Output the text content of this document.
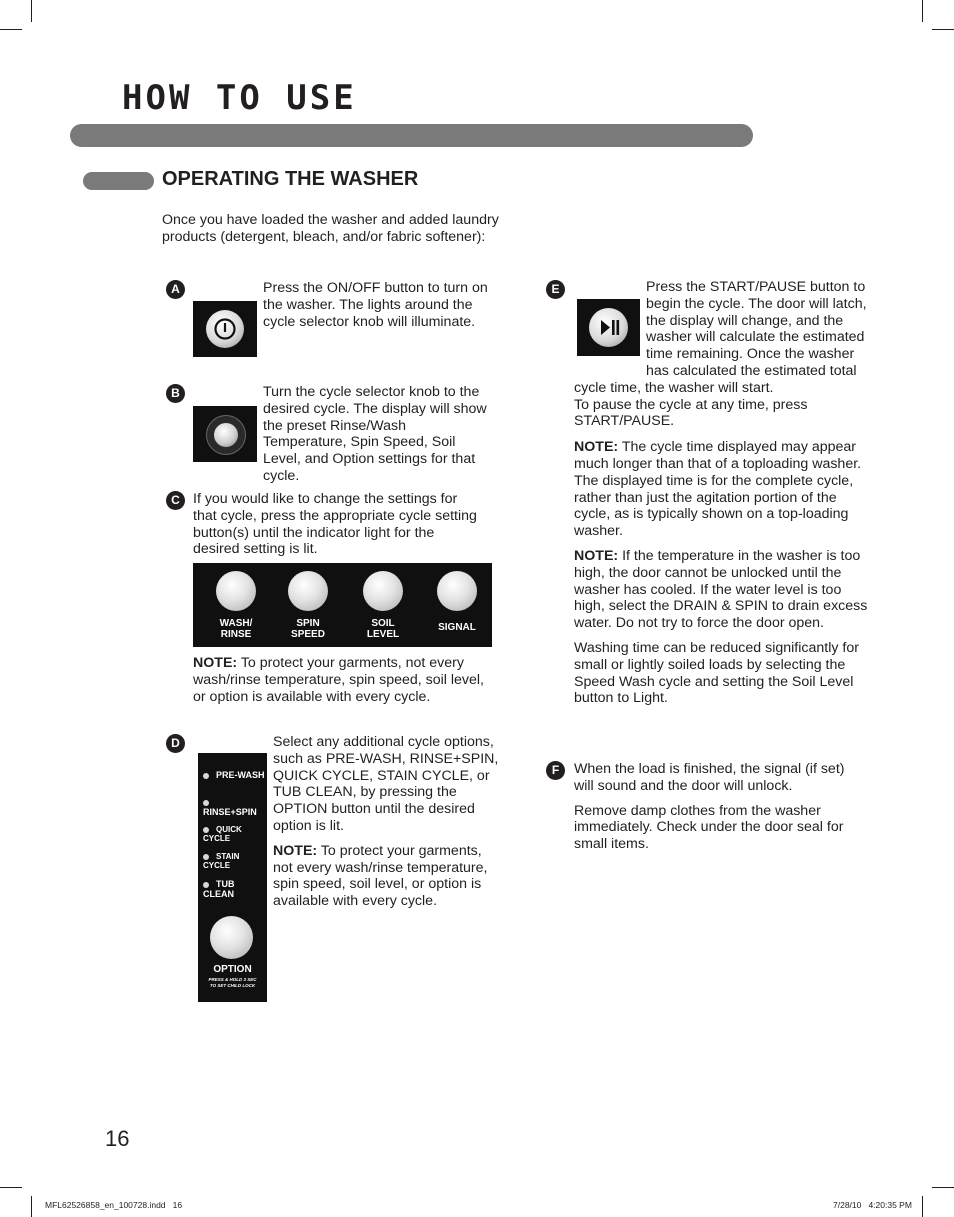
HOW TO USE
OPERATING THE WASHER
Once you have loaded the washer and added laundry products (detergent, bleach, and/or fabric softener):
A	Press the ON/OFF button to turn on the washer. The lights around the cycle selector knob will illuminate.
B	Turn the cycle selector knob to the desired cycle. The display will show the preset Rinse/Wash Temperature, Spin Speed, Soil Level, and Option settings for that cycle.
C If you would like to change the settings for that cycle, press the appropriate cycle setting button(s) until the indicator light for the desired setting is lit.
WASH/
RINSE
SPIN
SPEED
SOIL
LEVEL
SIGNAL
NOTE: To protect your garments, not every wash/rinse temperature, spin speed, soil level, or option is available with every cycle.
D
PRE-WASH
RINSE+SPIN
QUICK CYCLE
STAIN CYCLE
TUB CLEAN
OPTION
PRESS & HOLD 3 SEC
TO SET CHILD LOCK

Select any additional cycle options, such as PRE-WASH, RINSE+SPIN, QUICK CYCLE, STAIN CYCLE, or TUB CLEAN, by pressing the OPTION button until the desired option is lit.

NOTE: To protect your garments, not every wash/rinse temperature, spin speed, soil level, or option is available with every cycle.

E	Press the START/PAUSE button to begin the cycle. The door will latch, the display will change, and the washer will calculate the estimated time remaining. Once the washer has calculated the estimated total cycle time, the washer will start.

To pause the cycle at any time, press START/PAUSE.

NOTE: The cycle time displayed may appear much longer than that of a toploading washer. The displayed time is for the complete cycle, rather than just the agitation portion of the cycle, as is typically shown on a top-loading washer.

NOTE: If the temperature in the washer is too high, the door cannot be unlocked until the washer has cooled. If the water level is too high, select the DRAIN & SPIN to drain excess water. Do not try to force the door open.

Washing time can be reduced significantly for small or lightly soiled loads by selecting the Speed Wash cycle and setting the Soil Level button to Light.

F	When the load is finished, the signal (if set) will sound and the door will unlock.

Remove damp clothes from the washer immediately. Check under the door seal for small items.

16
MFL62526858_en_100728.indd   16	7/28/10   4:20:35 PM
